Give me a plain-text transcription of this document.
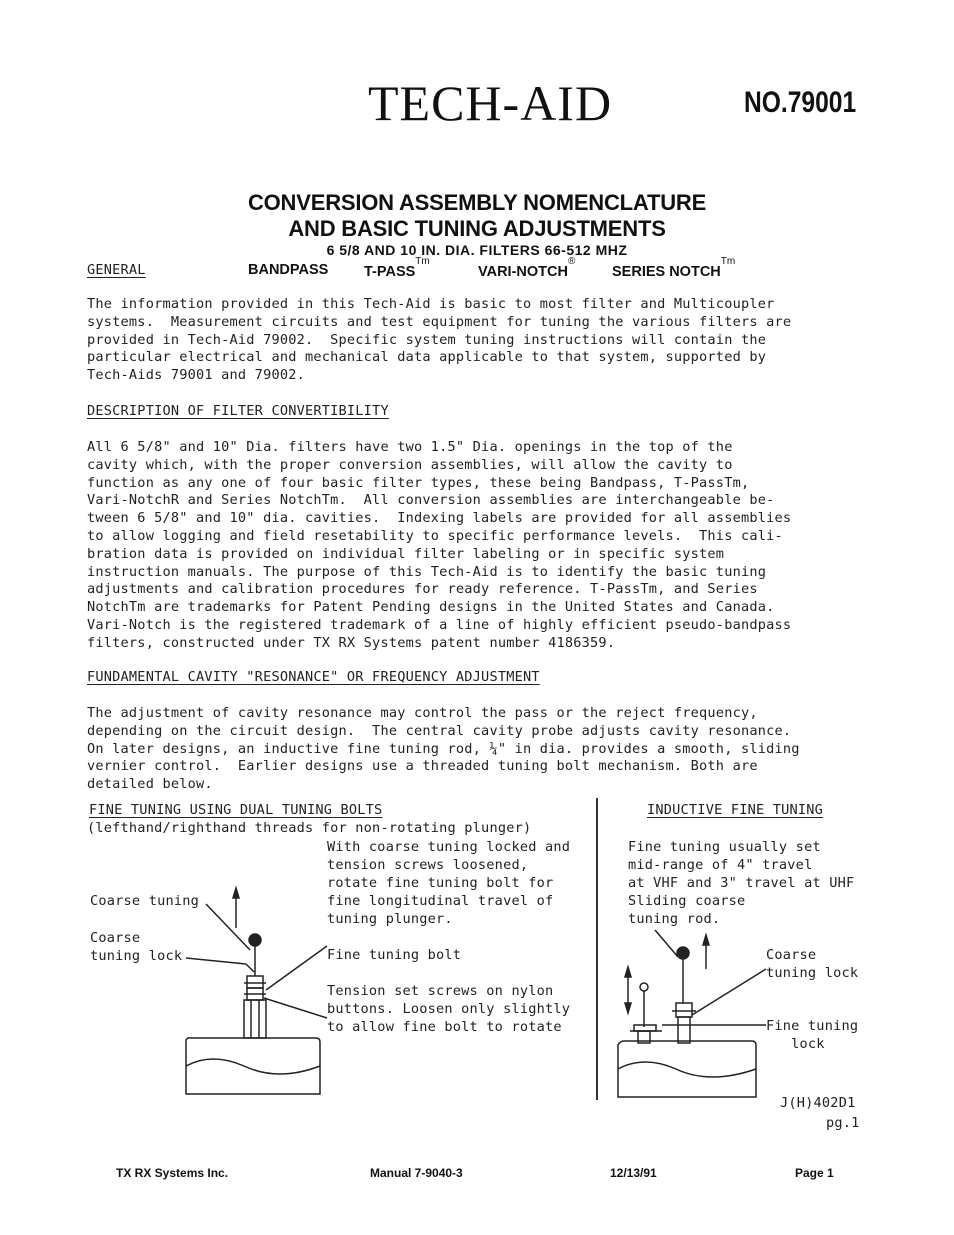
TECH-AID	NO.79001
CONVERSION ASSEMBLY NOMENCLATURE
AND BASIC TUNING ADJUSTMENTS
6 5/8 AND 10 IN. DIA. FILTERS 66-512 MHZ
GENERAL	BANDPASS $T-PASS^{Tm}$
VARI-NOTCH®
SERIES $NOTCH^{Tm}$
The information provided in this Tech-Aid is basic to most filter and Multicoupler
systems.  Measurement circuits and test equipment for tuning the various filters are
provided in Tech-Aid 79002.  Specific system tuning instructions will contain the
particular electrical and mechanical data applicable to that system, supported by
Tech-Aids 79001 and 79002.
DESCRIPTION OF FILTER CONVERTIBILITY
All 6 5/8" and 10" Dia. filters have two 1.5" Dia. openings in the top of the
cavity which, with the proper conversion assemblies, will allow the cavity to
function as any one of four basic filter types, these being Bandpass, T-PassTm,
Vari-NotchR and Series NotchTm.  All conversion assemblies are interchangeable be-
tween 6 5/8" and 10" dia. cavities.  Indexing labels are provided for all assemblies
to allow logging and field resetability to specific performance levels.  This cali-
bration data is provided on individual filter labeling or in specific system
instruction manuals. The purpose of this Tech-Aid is to identify the basic tuning
adjustments and calibration procedures for ready reference. T-PassTm, and Series
NotchTm are trademarks for Patent Pending designs in the United States and Canada.
Vari-Notch is the registered trademark of a line of highly efficient pseudo-bandpass
filters, constructed under TX RX Systems patent number 4186359.
FUNDAMENTAL CAVITY "RESONANCE" OR FREQUENCY ADJUSTMENT
The adjustment of cavity resonance may control the pass or the reject frequency,
depending on the circuit design.  The central cavity probe adjusts cavity resonance.
On later designs, an inductive fine tuning rod, ¼" in dia. provides a smooth, sliding
vernier control.  Earlier designs use a threaded tuning bolt mechanism. Both are
detailed below.
FINE TUNING USING DUAL TUNING BOLTS
(lefthand/righthand threads for non-rotating plunger)
With coarse tuning locked and
tension screws loosened,
rotate fine tuning bolt for
fine longitudinal travel of
tuning plunger.
Coarse tuning
Coarse
tuning lock	Fine tuning bolt
Tension set screws on nylon
buttons. Loosen only slightly
to allow fine bolt to rotate
INDUCTIVE FINE TUNING
Fine tuning usually set
mid-range of 4" travel
at VHF and 3" travel at UHF
Sliding coarse
tuning rod.
Coarse
tuning lock
Fine tuning
lock
J(H)402D1
pg.1
TX RX Systems Inc.	Manual 7-9040-3	12/13/91	Page 1
